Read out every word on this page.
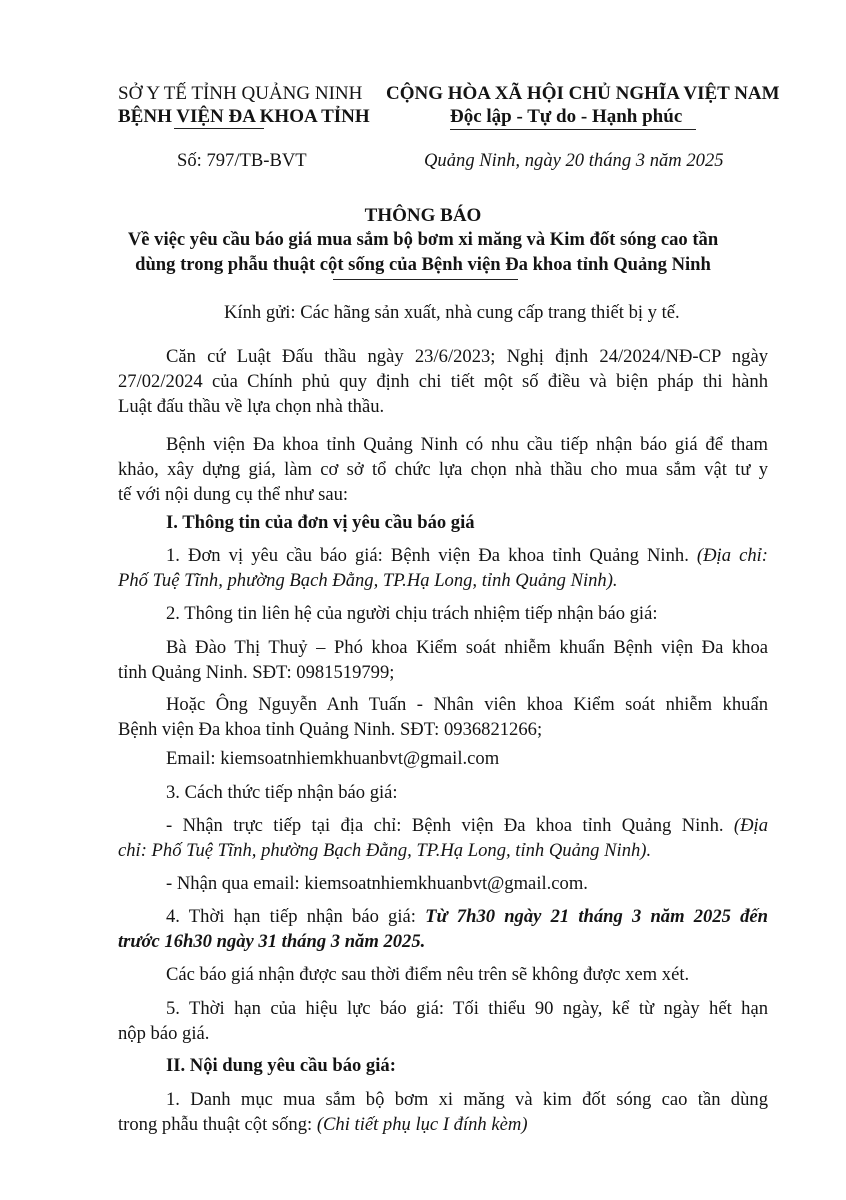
SỞ Y TẾ TỈNH QUẢNG NINH
BỆNH VIỆN ĐA KHOA TỈNH
CỘNG HÒA XÃ HỘI CHỦ NGHĨA VIỆT NAM
Độc lập - Tự do - Hạnh phúc
Số: 797/TB-BVT	Quảng Ninh, ngày 20 tháng 3 năm 2025
THÔNG BÁO
Về việc yêu cầu báo giá mua sắm bộ bơm xi măng và Kim đốt sóng cao tần
dùng trong phẫu thuật cột sống của Bệnh viện Đa khoa tỉnh Quảng Ninh
Kính gửi: Các hãng sản xuất, nhà cung cấp trang thiết bị y tế.
Căn cứ Luật Đấu thầu ngày 23/6/2023; Nghị định 24/2024/NĐ-CP ngày
27/02/2024 của Chính phủ quy định chi tiết một số điều và biện pháp thi hành
Luật đấu thầu về lựa chọn nhà thầu.
Bệnh viện Đa khoa tỉnh Quảng Ninh có nhu cầu tiếp nhận báo giá để tham
khảo, xây dựng giá, làm cơ sở tổ chức lựa chọn nhà thầu cho mua sắm vật tư y
tế với nội dung cụ thể như sau:
I. Thông tin của đơn vị yêu cầu báo giá
1. Đơn vị yêu cầu báo giá: Bệnh viện Đa khoa tỉnh Quảng Ninh. (Địa chỉ:
Phố Tuệ Tĩnh, phường Bạch Đằng, TP.Hạ Long, tỉnh Quảng Ninh).
2. Thông tin liên hệ của người chịu trách nhiệm tiếp nhận báo giá:
Bà Đào Thị Thuỷ – Phó khoa Kiểm soát nhiễm khuẩn Bệnh viện Đa khoa
tỉnh Quảng Ninh. SĐT: 0981519799;
Hoặc Ông Nguyễn Anh Tuấn - Nhân viên khoa Kiểm soát nhiễm khuẩn
Bệnh viện Đa khoa tỉnh Quảng Ninh. SĐT: 0936821266;
Email: kiemsoatnhiemkhuanbvt@gmail.com
3. Cách thức tiếp nhận báo giá:
- Nhận trực tiếp tại địa chỉ: Bệnh viện Đa khoa tỉnh Quảng Ninh. (Địa
chỉ: Phố Tuệ Tĩnh, phường Bạch Đằng, TP.Hạ Long, tỉnh Quảng Ninh).
- Nhận qua email: kiemsoatnhiemkhuanbvt@gmail.com.
4. Thời hạn tiếp nhận báo giá: Từ 7h30 ngày 21 tháng 3 năm 2025 đến
trước 16h30 ngày 31 tháng 3 năm 2025.
Các báo giá nhận được sau thời điểm nêu trên sẽ không được xem xét.
5. Thời hạn của hiệu lực báo giá: Tối thiểu 90 ngày, kể từ ngày hết hạn
nộp báo giá.
II. Nội dung yêu cầu báo giá:
1. Danh mục mua sắm bộ bơm xi măng và kim đốt sóng cao tần dùng
trong phẫu thuật cột sống: (Chi tiết phụ lục I đính kèm)
